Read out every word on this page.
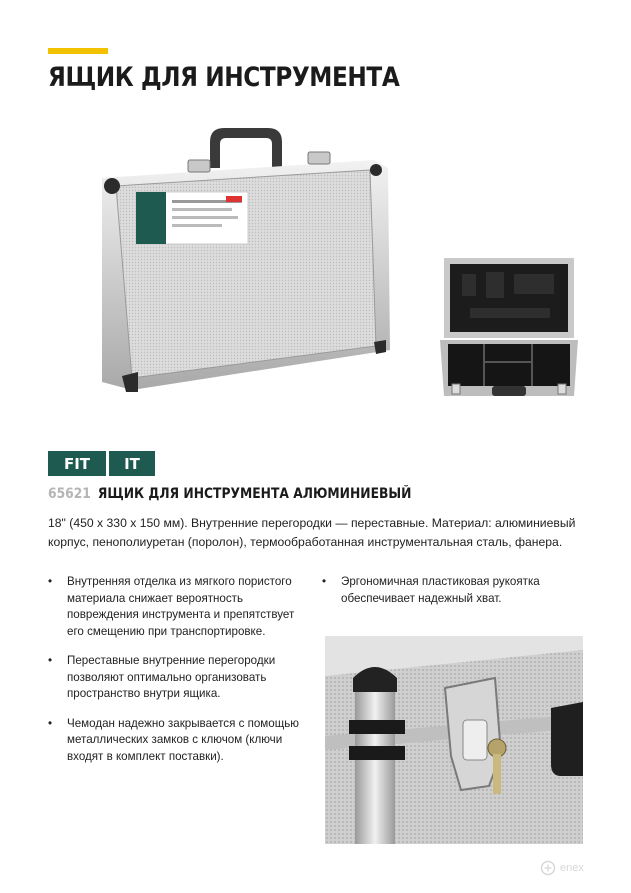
ЯЩИК ДЛЯ ИНСТРУМЕНТА
FIT	IT
65621 ЯЩИК ДЛЯ ИНСТРУМЕНТА АЛЮМИНИЕВЫЙ

18" (450 х 330 х 150 мм). Внутренние перегородки — переставные. Материал: алюминиевый корпус, пенополиуретан (поролон), термообработанная инструментальная сталь, фанера.

• Внутренняя отделка из мягкого пористого материала снижает вероятность повреждения инструмента и препятствует его смещению при транспортировке.
• Переставные внутренние перегородки позволяют оптимально организовать пространство внутри ящика.
• Чемодан надежно закрывается с помощью металлических замков с ключом (ключи входят в комплект поставки).
• Эргономичная пластиковая рукоятка обеспечивает надежный хват.
enex
